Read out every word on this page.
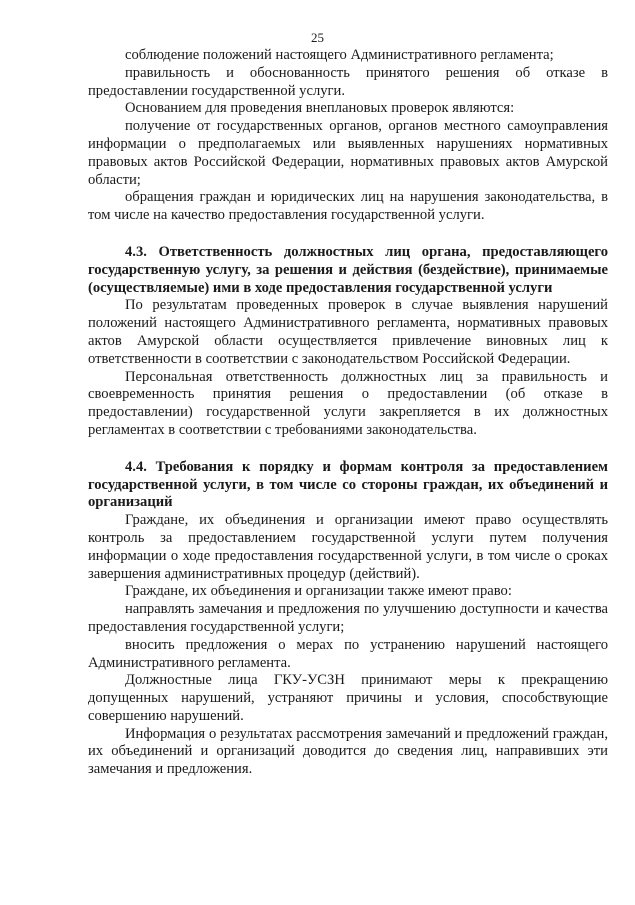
25

соблюдение положений настоящего Административного регламента;

правильность и обоснованность принятого решения об отказе в предоставлении государственной услуги.

Основанием для проведения внеплановых проверок являются:

получение от государственных органов, органов местного самоуправления информации о предполагаемых или выявленных нарушениях нормативных правовых актов Российской Федерации, нормативных правовых актов Амурской области;

обращения граждан и юридических лиц на нарушения законодательства, в том числе на качество предоставления государственной услуги.

4.3. Ответственность должностных лиц органа, предоставляющего государственную услугу, за решения и действия (бездействие), принимаемые (осуществляемые) ими в ходе предоставления государственной услуги

По результатам проведенных проверок в случае выявления нарушений положений настоящего Административного регламента, нормативных правовых актов Амурской области осуществляется привлечение виновных лиц к ответственности в соответствии с законодательством Российской Федерации.

Персональная ответственность должностных лиц за правильность и своевременность принятия решения о предоставлении (об отказе в предоставлении) государственной услуги закрепляется в их должностных регламентах в соответствии с требованиями законодательства.

4.4. Требования к порядку и формам контроля за предоставлением государственной услуги, в том числе со стороны граждан, их объединений и организаций

Граждане, их объединения и организации имеют право осуществлять контроль за предоставлением государственной услуги путем получения информации о ходе предоставления государственной услуги, в том числе о сроках завершения административных процедур (действий).

Граждане, их объединения и организации также имеют право:

направлять замечания и предложения по улучшению доступности и качества предоставления государственной услуги;

вносить предложения о мерах по устранению нарушений настоящего Административного регламента.

Должностные лица ГКУ-УСЗН принимают меры к прекращению допущенных нарушений, устраняют причины и условия, способствующие совершению нарушений.

Информация о результатах рассмотрения замечаний и предложений граждан, их объединений и организаций доводится до сведения лиц, направивших эти замечания и предложения.
